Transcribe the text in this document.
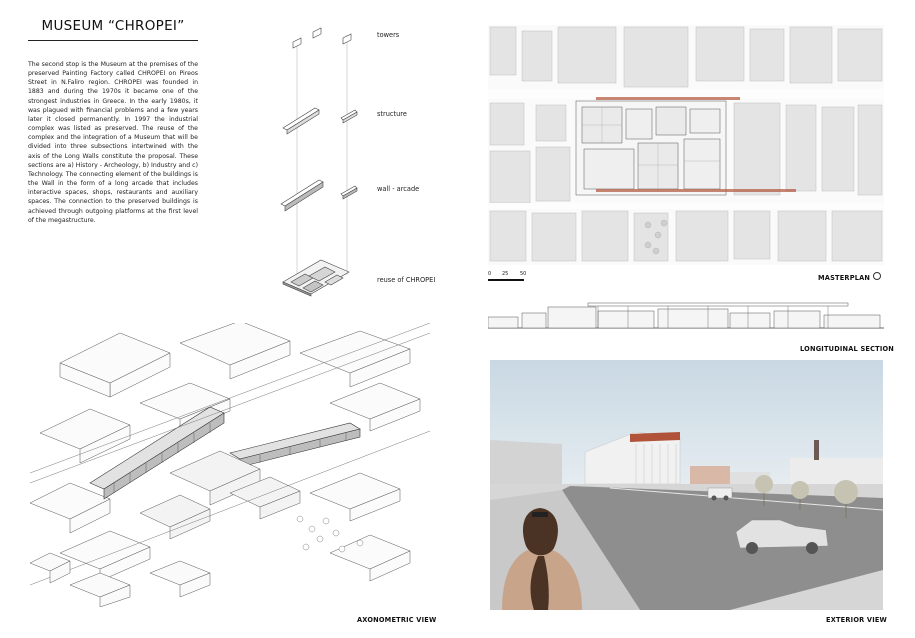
MUSEUM “CHROPEI”

The second stop is the Museum at the premises of the preserved Painting Factory called CHROPEI on Pireos Street in N.Faliro region. CHROPEI was founded in 1883 and during the 1970s it became one of the strongest industries in Greece. In the early 1980s, it was plagued with financial problems and a few years later it closed permanently. In 1997 the industrial complex was listed as preserved. The reuse of the complex and the integration of a Museum that will be divided into three subsections intertwined with the axis of the Long Walls constitute the proposal. These sections are a) History - Archeology, b) Industry and c) Technology. The connecting element of the buildings is the Wall in the form of a long arcade that includes interactive spaces, shops, restaurants and auxiliary spaces. The connection to the preserved buildings is achieved through outgoing platforms at the first level of the megastructure.

towers
structure
wall - arcade
reuse of CHROPEI
0 25 50	MASTERPLAN
LONGITUDINAL SECTION
AXONOMETRIC VIEW	EXTERIOR VIEW
